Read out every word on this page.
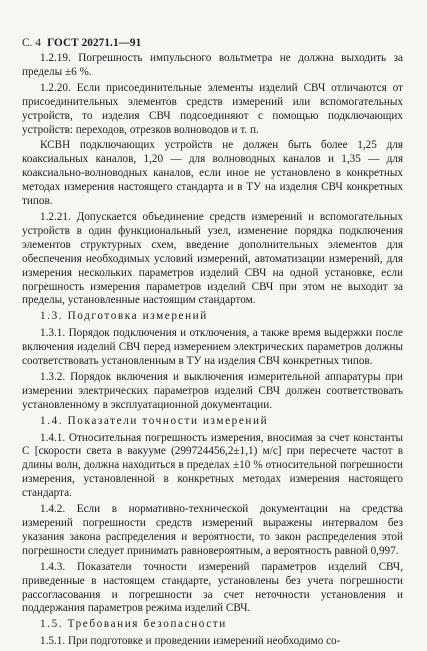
С. 4 ГОСТ 20271.1—91

1.2.19. Погрешность импульсного вольтметра не должна выходить за пределы ±6 %.

1.2.20. Если присоединительные элементы изделий СВЧ отличаются от присоединительных элементов средств измерений или вспомогательных устройств, то изделия СВЧ подсоединяют с помощью подключающих устройств: переходов, отрезков волноводов и т. п.

КСВН подключающих устройств не должен быть более 1,25 для коаксиальных каналов, 1,20 — для волноводных каналов и 1,35 — для коаксиально-волноводных каналов, если иное не установлено в конкретных методах измерения настоящего стандарта и в ТУ на изделия СВЧ конкретных типов.

1.2.21. Допускается объединение средств измерений и вспомогательных устройств в один функциональный узел, изменение порядка подключения элементов структурных схем, введение дополнительных элементов для обеспечения необходимых условий измерений, автоматизации измерений, для измерения нескольких параметров изделий СВЧ на одной установке, если погрешность измерения параметров изделий СВЧ при этом не выходит за пределы, установленные настоящим стандартом.

1.3. Подготовка измерений

1.3.1. Порядок подключения и отключения, а также время выдержки после включения изделий СВЧ перед измерением электрических параметров должны соответствовать установленным в ТУ на изделия СВЧ конкретных типов.

1.3.2. Порядок включения и выключения измерительной аппаратуры при измерении электрических параметров изделий СВЧ должен соответствовать установленному в эксплуатационной документации.

1.4. Показатели точности измерений

1.4.1. Относительная погрешность измерения, вносимая за счет константы С [скорости света в вакууме (299724456,2±1,1) м/с] при пересчете частот в длины волн, должна находиться в пределах ±10 % относительной погрешности измерения, установленной в конкретных методах измерения настоящего стандарта.

1.4.2. Если в нормативно-технической документации на средства измерений погрешности средств измерений выражены интервалом без указания закона распределения и вероятности, то закон распределения этой погрешности следует принимать равновероятным, а вероятность равной 0,997.

1.4.3. Показатели точности измерений параметров изделий СВЧ, приведенные в настоящем стандарте, установлены без учета погрешности рассогласования и погрешности за счет неточности установления и поддержания параметров режима изделий СВЧ.

1.5. Требования безопасности

1.5.1. При подготовке и проведении измерений необходимо со-
